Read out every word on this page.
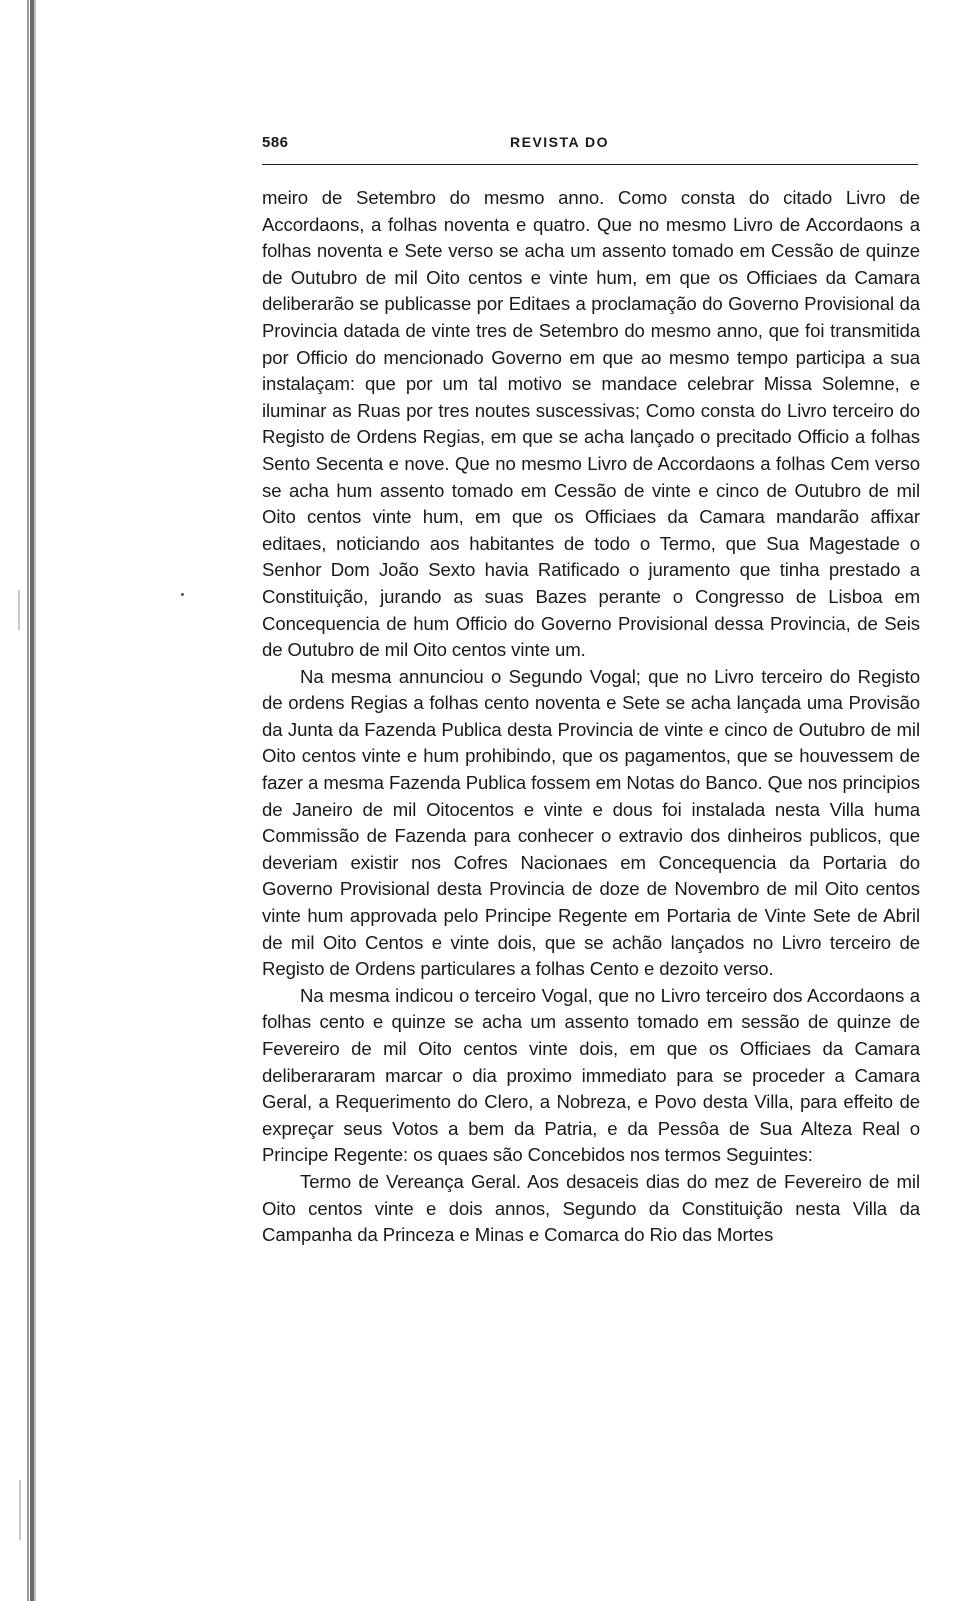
586	REVISTA DO

meiro de Setembro do mesmo anno. Como consta do citado Livro de Accordaons, a folhas noventa e quatro. Que no mesmo Livro de Accordaons a folhas noventa e Sete verso se acha um assento tomado em Cessão de quinze de Outubro de mil Oito centos e vinte hum, em que os Officiaes da Camara deliberarão se publicasse por Editaes a proclamação do Governo Provisional da Provincia datada de vinte tres de Setembro do mesmo anno, que foi transmitida por Officio do mencionado Governo em que ao mesmo tempo participa a sua instalaçam: que por um tal motivo se mandace celebrar Missa Solemne, e iluminar as Ruas por tres noutes suscessivas; Como consta do Livro terceiro do Registo de Ordens Regias, em que se acha lançado o precitado Officio a folhas Sento Secenta e nove. Que no mesmo Livro de Accordaons a folhas Cem verso se acha hum assento tomado em Cessão de vinte e cinco de Outubro de mil Oito centos vinte hum, em que os Officiaes da Camara mandarão affixar editaes, noticiando aos habitantes de todo o Termo, que Sua Magestade o Senhor Dom João Sexto havia Ratificado o juramento que tinha prestado a Constituição, jurando as suas Bazes perante o Congresso de Lisboa em Concequencia de hum Officio do Governo Provisional dessa Provincia, de Seis de Outubro de mil Oito centos vinte um.

Na mesma annunciou o Segundo Vogal; que no Livro terceiro do Registo de ordens Regias a folhas cento noventa e Sete se acha lançada uma Provisão da Junta da Fazenda Publica desta Provincia de vinte e cinco de Outubro de mil Oito centos vinte e hum prohibindo, que os pagamentos, que se houvessem de fazer a mesma Fazenda Publica fossem em Notas do Banco. Que nos principios de Janeiro de mil Oitocentos e vinte e dous foi instalada nesta Villa huma Commissão de Fazenda para conhecer o extravio dos dinheiros publicos, que deveriam existir nos Cofres Nacionaes em Concequencia da Portaria do Governo Provisional desta Provincia de doze de Novembro de mil Oito centos vinte hum approvada pelo Principe Regente em Portaria de Vinte Sete de Abril de mil Oito Centos e vinte dois, que se achão lançados no Livro terceiro de Registo de Ordens particulares a folhas Cento e dezoito verso.

Na mesma indicou o terceiro Vogal, que no Livro terceiro dos Accordaons a folhas cento e quinze se acha um assento tomado em sessão de quinze de Fevereiro de mil Oito centos vinte dois, em que os Officiaes da Camara deliberararam marcar o dia proximo immediato para se proceder a Camara Geral, a Requerimento do Clero, a Nobreza, e Povo desta Villa, para effeito de expreçar seus Votos a bem da Patria, e da Pessôa de Sua Alteza Real o Principe Regente: os quaes são Concebidos nos termos Seguintes:

Termo de Vereança Geral. Aos desaceis dias do mez de Fevereiro de mil Oito centos vinte e dois annos, Segundo da Constituição nesta Villa da Campanha da Princeza e Minas e Comarca do Rio das Mortes
